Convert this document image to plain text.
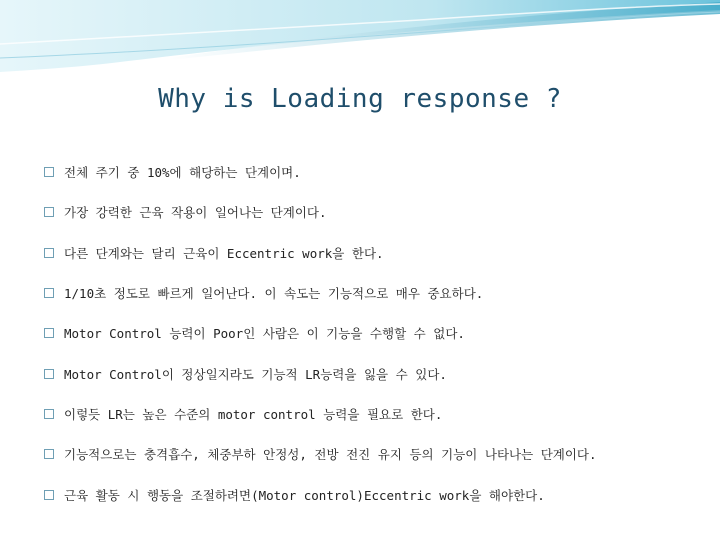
Why is Loading response ?
전체 주기 중 10%에 해당하는 단계이며.
가장 강력한 근육 작용이 일어나는 단계이다.
다른 단계와는 달리 근육이 Eccentric work을 한다.
1/10초 정도로 빠르게 일어난다. 이 속도는 기능적으로 매우 중요하다.
Motor Control 능력이 Poor인 사람은 이 기능을 수행할 수 없다.
Motor Control이 정상일지라도 기능적 LR능력을 잃을 수 있다.
이렇듯 LR는 높은 수준의 motor control 능력을 필요로 한다.
기능적으로는 충격흡수, 체중부하 안정성, 전방 전진 유지 등의 기능이 나타나는 단계이다.
근육 활동 시 행동을 조절하려면(Motor control)Eccentric work을 해야한다.
